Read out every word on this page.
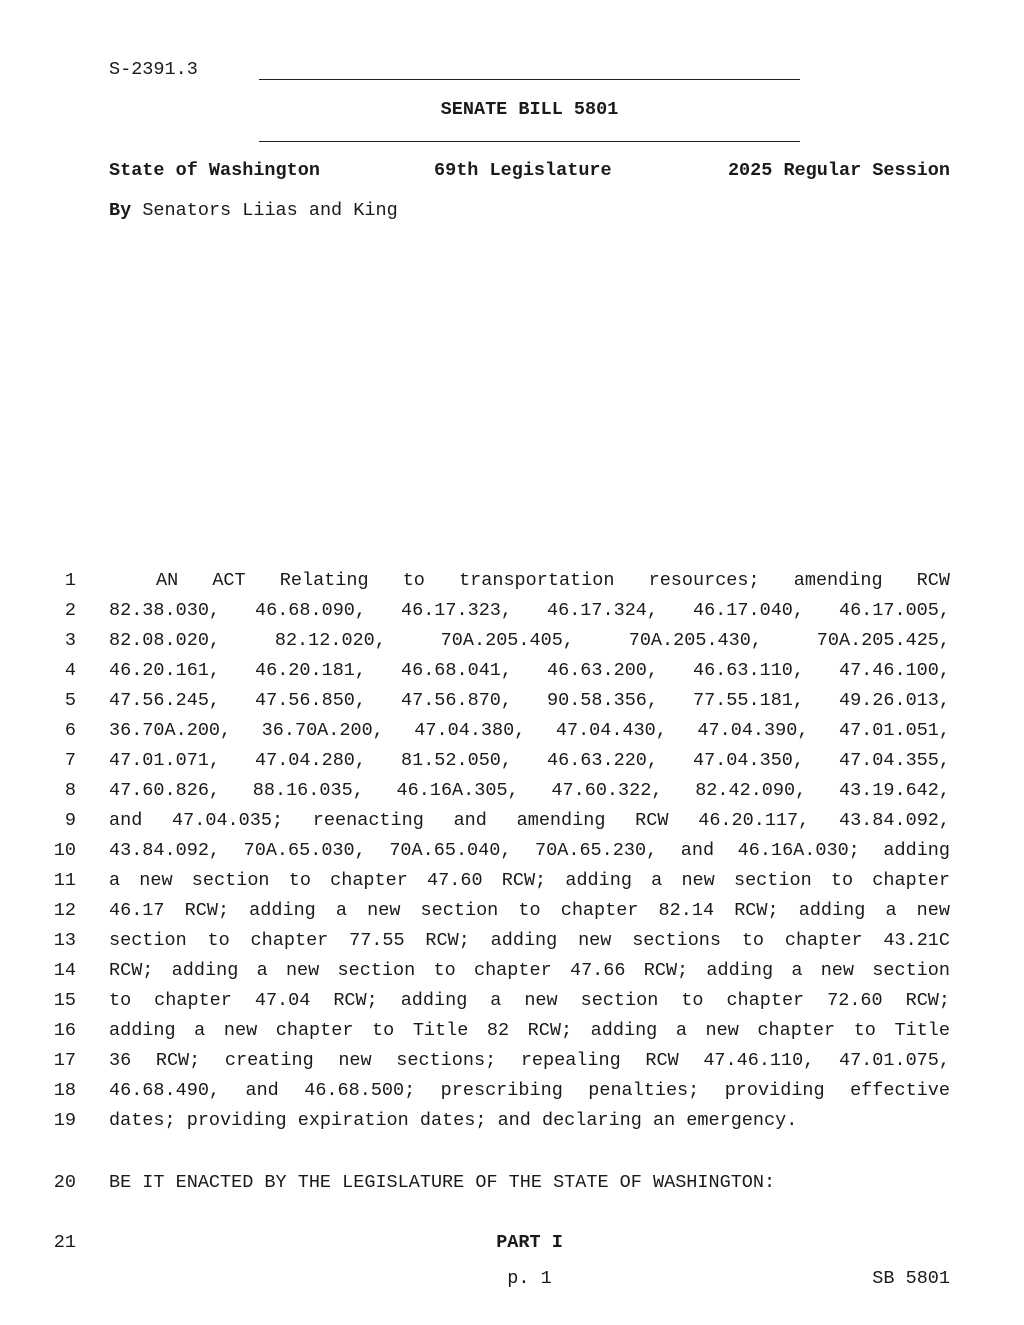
S-2391.3
SENATE BILL 5801
State of Washington	69th Legislature	2025 Regular Session
By Senators Liias and King
1	AN ACT Relating to transportation resources; amending RCW
2 82.38.030, 46.68.090, 46.17.323, 46.17.324, 46.17.040, 46.17.005,
3 82.08.020, 82.12.020, 70A.205.405, 70A.205.430, 70A.205.425,
4 46.20.161, 46.20.181, 46.68.041, 46.63.200, 46.63.110, 47.46.100,
5 47.56.245, 47.56.850, 47.56.870, 90.58.356, 77.55.181, 49.26.013,
6 36.70A.200, 36.70A.200, 47.04.380, 47.04.430, 47.04.390, 47.01.051,
7 47.01.071, 47.04.280, 81.52.050, 46.63.220, 47.04.350, 47.04.355,
8 47.60.826, 88.16.035, 46.16A.305, 47.60.322, 82.42.090, 43.19.642,
9 and 47.04.035; reenacting and amending RCW 46.20.117, 43.84.092,
10 43.84.092, 70A.65.030, 70A.65.040, 70A.65.230, and 46.16A.030; adding
11 a new section to chapter 47.60 RCW; adding a new section to chapter
12 46.17 RCW; adding a new section to chapter 82.14 RCW; adding a new
13 section to chapter 77.55 RCW; adding new sections to chapter 43.21C
14 RCW; adding a new section to chapter 47.66 RCW; adding a new section
15 to chapter 47.04 RCW; adding a new section to chapter 72.60 RCW;
16 adding a new chapter to Title 82 RCW; adding a new chapter to Title
17 36 RCW; creating new sections; repealing RCW 47.46.110, 47.01.075,
18 46.68.490, and 46.68.500; prescribing penalties; providing effective
19 dates; providing expiration dates; and declaring an emergency.
20 BE IT ENACTED BY THE LEGISLATURE OF THE STATE OF WASHINGTON:
21	PART I
p. 1	SB 5801
